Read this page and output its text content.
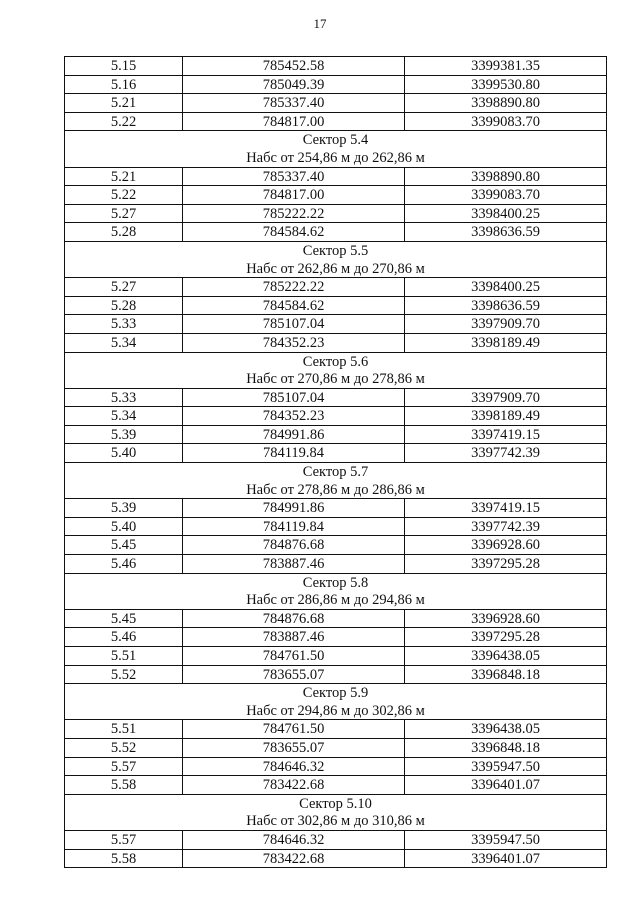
17
5.15	785452.58	3399381.35
5.16	785049.39	3399530.80
5.21	785337.40	3398890.80
5.22	784817.00	3399083.70
Сектор 5.4		
Набс от 254,86 м до 262,86 м		
5.21	785337.40	3398890.80
5.22	784817.00	3399083.70
5.27	785222.22	3398400.25
5.28	784584.62	3398636.59
Сектор 5.5		
Набс от 262,86 м до 270,86 м		
5.27	785222.22	3398400.25
5.28	784584.62	3398636.59
5.33	785107.04	3397909.70
5.34	784352.23	3398189.49
Сектор 5.6		
Набс от 270,86 м до 278,86 м		
5.33	785107.04	3397909.70
5.34	784352.23	3398189.49
5.39	784991.86	3397419.15
5.40	784119.84	3397742.39
Сектор 5.7		
Набс от 278,86 м до 286,86 м		
5.39	784991.86	3397419.15
5.40	784119.84	3397742.39
5.45	784876.68	3396928.60
5.46	783887.46	3397295.28
Сектор 5.8		
Набс от 286,86 м до 294,86 м		
5.45	784876.68	3396928.60
5.46	783887.46	3397295.28
5.51	784761.50	3396438.05
5.52	783655.07	3396848.18
Сектор 5.9		
Набс от 294,86 м до 302,86 м		
5.51	784761.50	3396438.05
5.52	783655.07	3396848.18
5.57	784646.32	3395947.50
5.58	783422.68	3396401.07
Сектор 5.10		
Набс от 302,86 м до 310,86 м		
5.57	784646.32	3395947.50
5.58	783422.68	3396401.07
